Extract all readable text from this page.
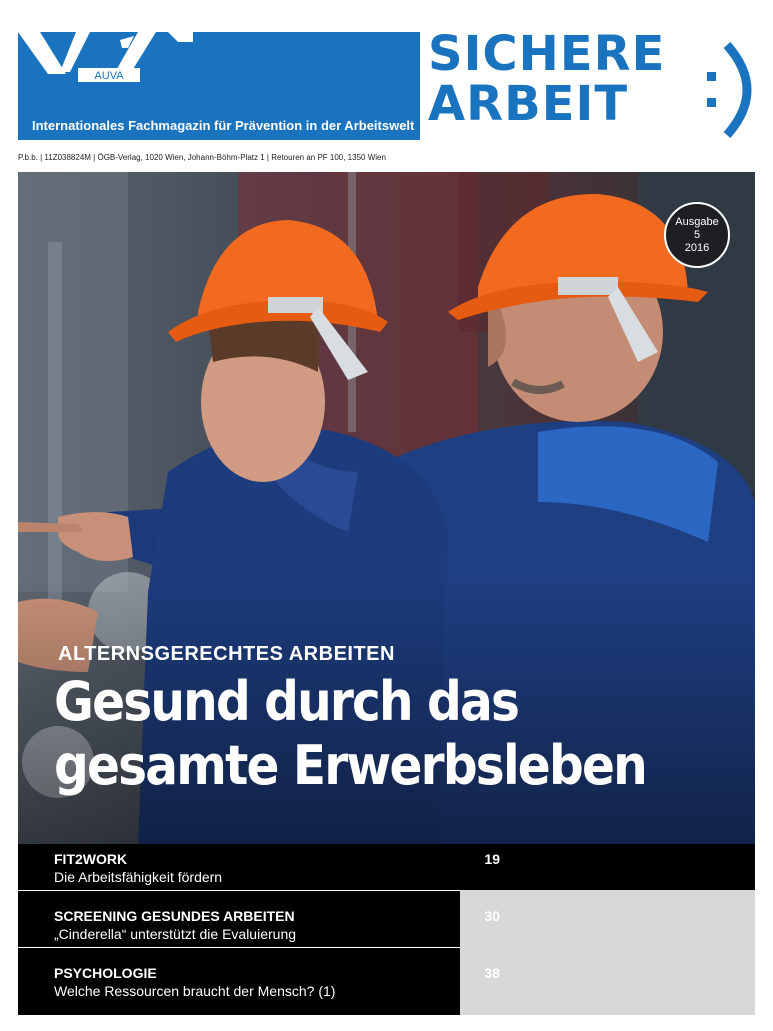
AUVA
Internationales Fachmagazin für Prävention in der Arbeitswelt
SICHERE
ARBEIT
:)
P.b.b. | 11Z038824M | ÖGB-Verlag, 1020 Wien, Johann-Böhm-Platz 1 | Retouren an PF 100, 1350 Wien
Ausgabe
5
2016
ALTERNSGERECHTES ARBEITEN
Gesund durch das
gesamte Erwerbsleben
FIT2WORK
Die Arbeitsfähigkeit fördern
19
SCREENING GESUNDES ARBEITEN
„Cinderella“ unterstützt die Evaluierung
30
PSYCHOLOGIE
Welche Ressourcen braucht der Mensch? (1)
38
